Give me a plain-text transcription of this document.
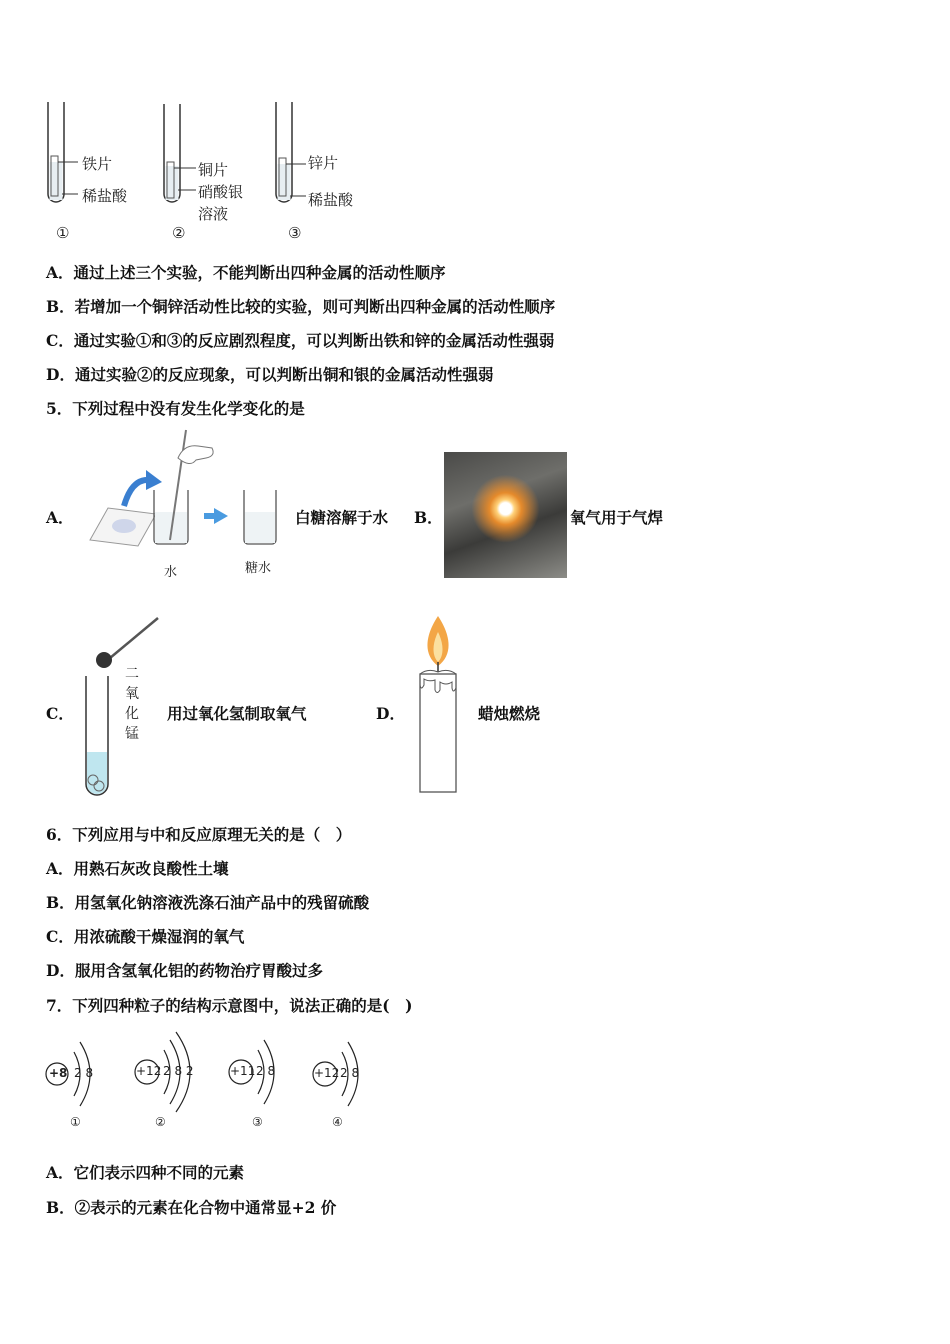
铁片
稀盐酸
①
铜片
硝酸银
溶液
②
锌片
稀盐酸
③
A．通过上述三个实验，不能判断出四种金属的活动性顺序
B．若增加一个铜锌活动性比较的实验，则可判断出四种金属的活动性顺序
C．通过实验①和③的反应剧烈程度，可以判断出铁和锌的金属活动性强弱
D．通过实验②的反应现象，可以判断出铜和银的金属活动性强弱
5．下列过程中没有发生化学变化的是
A．
水	糖水
白糖溶解于水 B．	氧气用于气焊
C．
二
氧
化
锰
用过氧化氢制取氧气	D．	蜡烛燃烧
6．下列应用与中和反应原理无关的是（　）
A．用熟石灰改良酸性土壤
B．用氢氧化钠溶液洗涤石油产品中的残留硫酸
C．用浓硫酸干燥湿润的氧气
D．服用含氢氧化铝的药物治疗胃酸过多
7．下列四种粒子的结构示意图中，说法正确的是(　)
+8 2 8
①
+12 2 8 2
②
+11 2 8
③
+12 2 8
④
A．它们表示四种不同的元素
B．②表示的元素在化合物中通常显+2 价
